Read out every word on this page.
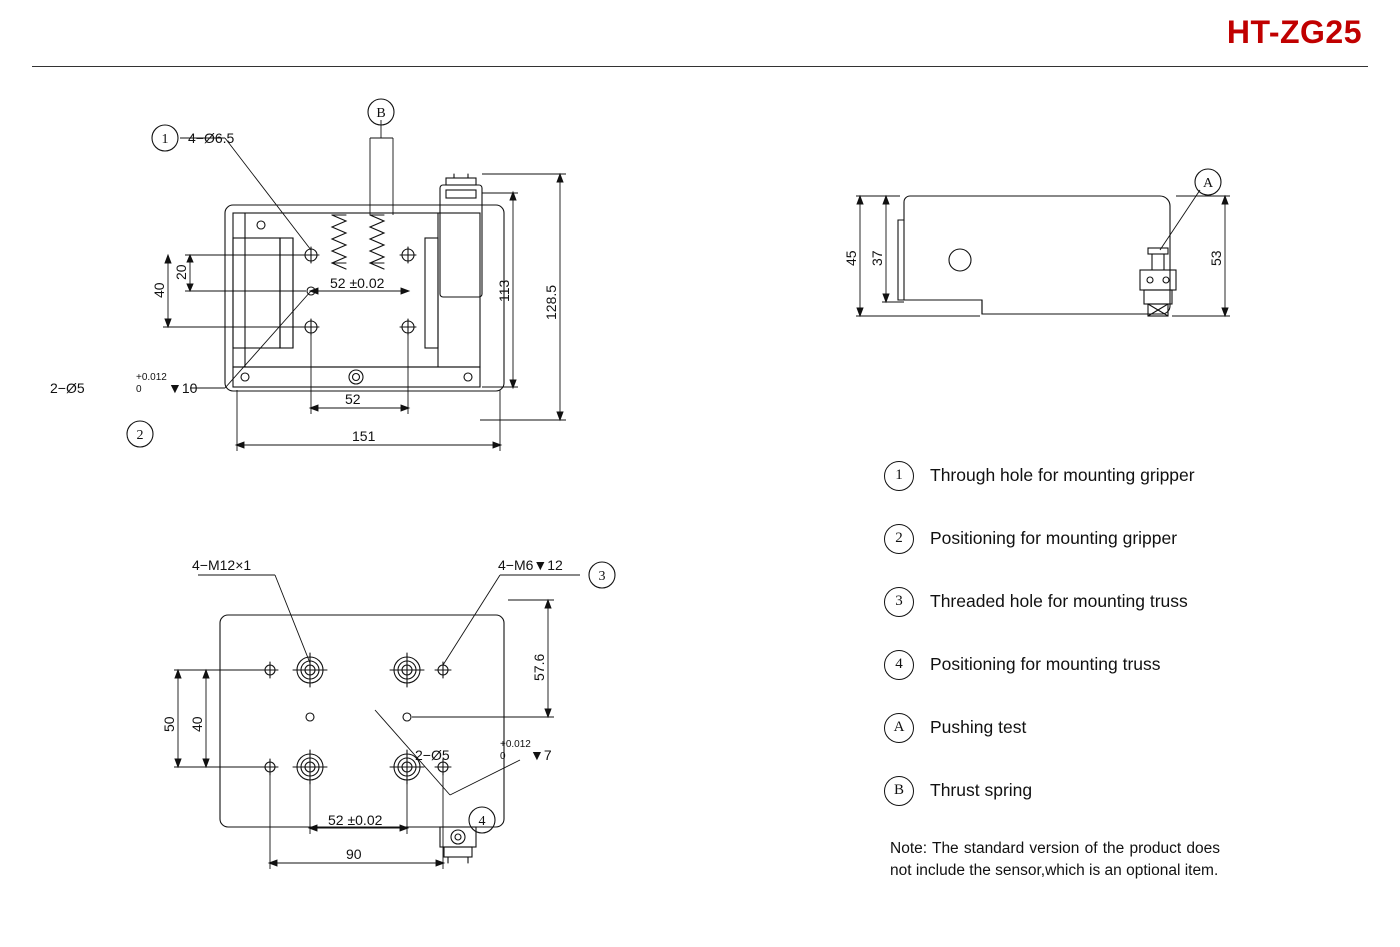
HT-ZG25
1
B
2
4−Ø6.5
2−Ø5
+0.012
0 ▼10
52 ±0.02
52
151
20
40	113 128.5
A
45 37	53
3
4
4−M12×1	4−M6▼12
2−Ø5
+0.012
0 ▼7
52 ±0.02
90
50 40
57.6
1	Through hole for mounting gripper
2	Positioning for mounting gripper
3	Threaded hole for mounting truss
4	Positioning for mounting truss
A	Pushing test
B	Thrust spring
Note: The standard version of the product does not include the sensor,which is an optional item.
